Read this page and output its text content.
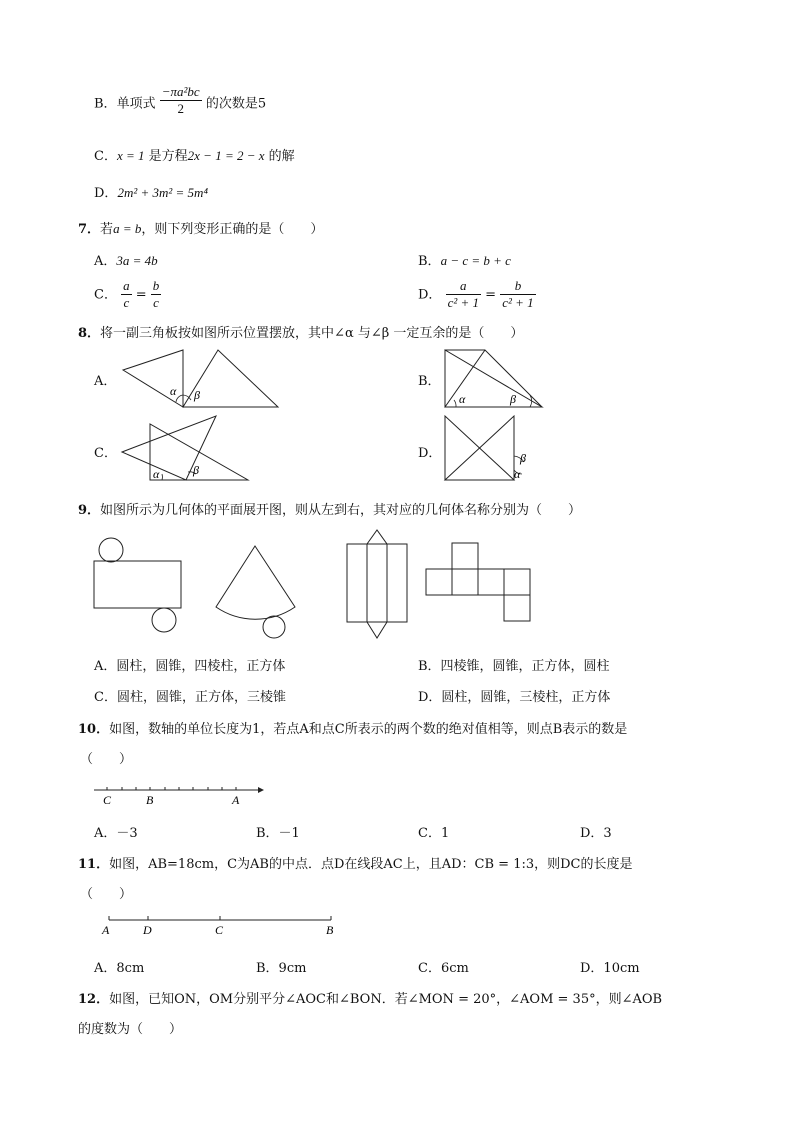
B．单项式 $\frac{\text{−πa²bc}}{2}$ 的次数是5
C．x = 1 是方程2x − 1 = 2 − x 的解
D．2m² + 3m² = 5m⁴
7．若a = b，则下列变形正确的是（　　）
A．3a = 4b	B．a − c = b + c
C． $\frac{a}{c} = \frac{b}{c}$	D． $\frac{a}{\text{c² + 1}} = \frac{b}{\text{c² + 1}}$
8．将一副三角板按如图所示位置摆放，其中∠α 与∠β 一定互余的是（　　）
A．	B．
C．	D．
α β	α	β
α	β	α
β
9．如图所示为几何体的平面展开图，则从左到右，其对应的几何体名称分别为（　　）
A．圆柱，圆锥，四棱柱，正方体	B．四棱锥，圆锥，正方体，圆柱
C．圆柱，圆锥，正方体，三棱锥	D．圆柱，圆锥，三棱柱，正方体
10．如图，数轴的单位长度为1，若点A和点C所表示的两个数的绝对值相等，则点B表示的数是
（　　）
C	B	A
A．－3	B．－1	C．1	D．3
11．如图，AB=18cm，C为AB的中点．点D在线段AC上，且AD：CB = 1:3，则DC的长度是
（　　）
A	D	C	B
A．8cm	B．9cm	C．6cm	D．10cm
12．如图，已知ON，OM分别平分∠AOC和∠BON．若∠MON = 20°，∠AOM = 35°，则∠AOB
的度数为（　　）
